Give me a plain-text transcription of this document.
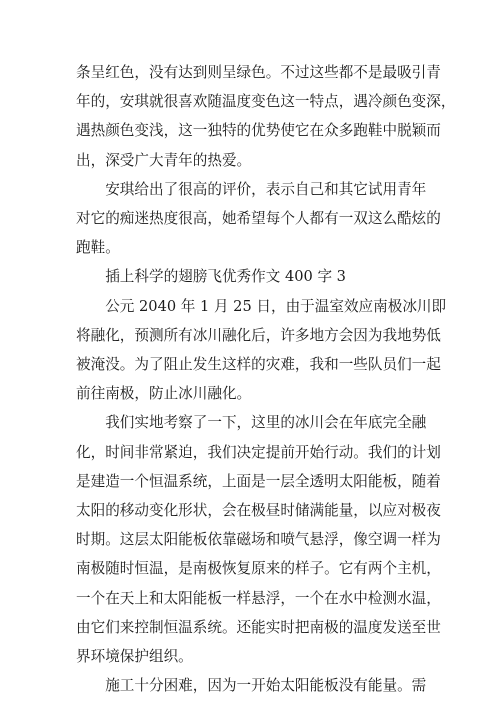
条呈红色，没有达到则呈绿色。不过这些都不是最吸引青
年的，安琪就很喜欢随温度变色这一特点，遇冷颜色变深，
遇热颜色变浅，这一独特的优势使它在众多跑鞋中脱颖而
出，深受广大青年的热爱。
安琪给出了很高的评价，表示自己和其它试用青年
对它的痴迷热度很高，她希望每个人都有一双这么酷炫的
跑鞋。
插上科学的翅膀飞优秀作文 400 字 3
公元 2040 年 1 月 25 日，由于温室效应南极冰川即
将融化，预测所有冰川融化后，许多地方会因为我地势低
被淹没。为了阻止发生这样的灾难，我和一些队员们一起
前往南极，防止冰川融化。
我们实地考察了一下，这里的冰川会在年底完全融
化，时间非常紧迫，我们决定提前开始行动。我们的计划
是建造一个恒温系统，上面是一层全透明太阳能板，随着
太阳的移动变化形状，会在极昼时储满能量，以应对极夜
时期。这层太阳能板依靠磁场和喷气悬浮，像空调一样为
南极随时恒温，是南极恢复原来的样子。它有两个主机，
一个在天上和太阳能板一样悬浮，一个在水中检测水温，
由它们来控制恒温系统。还能实时把南极的温度发送至世
界环境保护组织。
施工十分困难，因为一开始太阳能板没有能量。需
